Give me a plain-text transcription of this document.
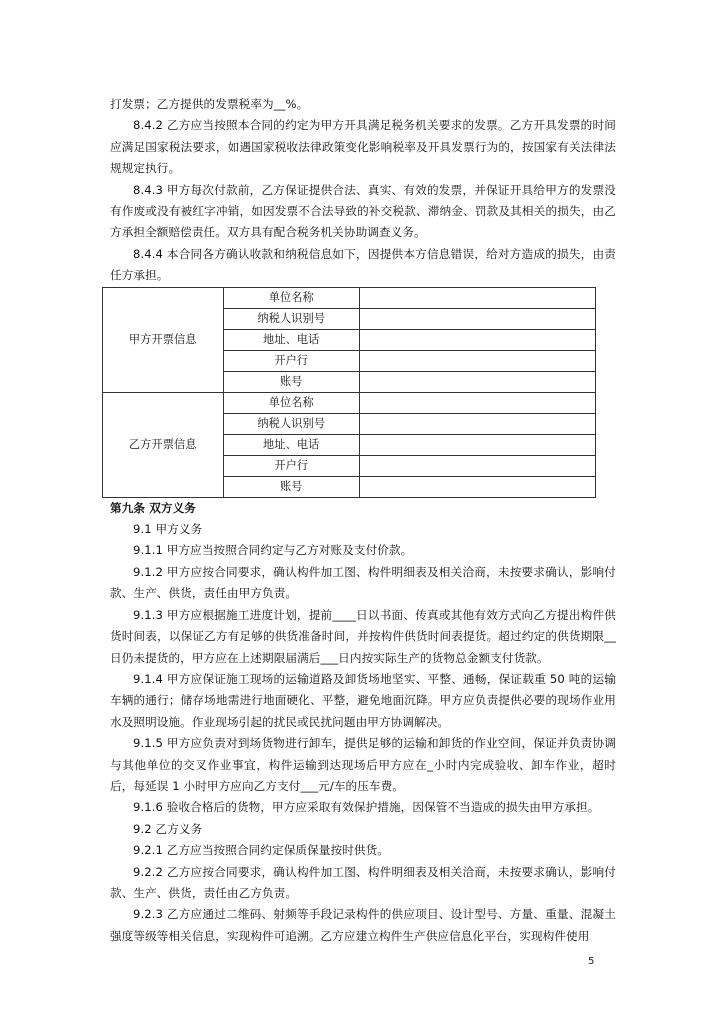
打发票；乙方提供的发票税率为__%。

8.4.2 乙方应当按照本合同的约定为甲方开具满足税务机关要求的发票。乙方开具发票的时间应满足国家税法要求，如遇国家税收法律政策变化影响税率及开具发票行为的，按国家有关法律法规规定执行。

8.4.3 甲方每次付款前，乙方保证提供合法、真实、有效的发票，并保证开具给甲方的发票没有作废或没有被红字冲销，如因发票不合法导致的补交税款、滞纳金、罚款及其相关的损失，由乙方承担全额赔偿责任。双方具有配合税务机关协助调查义务。

8.4.4 本合同各方确认收款和纳税信息如下，因提供本方信息错误，给对方造成的损失，由责任方承担。

甲方开票信息	单位名称	
	纳税人识别号	
	地址、电话	
	开户行	
	账号	
乙方开票信息	单位名称	
	纳税人识别号	
	地址、电话	
	开户行	
	账号	

第九条 双方义务

9.1 甲方义务

9.1.1 甲方应当按照合同约定与乙方对账及支付价款。

9.1.2 甲方应按合同要求，确认构件加工图、构件明细表及相关洽商，未按要求确认，影响付款、生产、供货，责任由甲方负责。

9.1.3 甲方应根据施工进度计划，提前____日以书面、传真或其他有效方式向乙方提出构件供货时间表，以保证乙方有足够的供货准备时间，并按构件供货时间表提货。超过约定的供货期限__日仍未提货的，甲方应在上述期限届满后___日内按实际生产的货物总金额支付货款。

9.1.4 甲方应保证施工现场的运输道路及卸货场地坚实、平整、通畅，保证载重 50 吨的运输车辆的通行；储存场地需进行地面硬化、平整，避免地面沉降。甲方应负责提供必要的现场作业用水及照明设施。作业现场引起的扰民或民扰问题由甲方协调解决。

9.1.5 甲方应负责对到场货物进行卸车，提供足够的运输和卸货的作业空间，保证并负责协调与其他单位的交叉作业事宜，构件运输到达现场后甲方应在_小时内完成验收、卸车作业，超时后，每延误 1 小时甲方应向乙方支付___元/车的压车费。

9.1.6 验收合格后的货物，甲方应采取有效保护措施，因保管不当造成的损失由甲方承担。

9.2 乙方义务

9.2.1 乙方应当按照合同约定保质保量按时供货。

9.2.2 乙方应按合同要求，确认构件加工图、构件明细表及相关洽商，未按要求确认，影响付款、生产、供货，责任由乙方负责。

9.2.3 乙方应通过二维码、射频等手段记录构件的供应项目、设计型号、方量、重量、混凝土强度等级等相关信息，实现构件可追溯。乙方应建立构件生产供应信息化平台，实现构件使用

5
